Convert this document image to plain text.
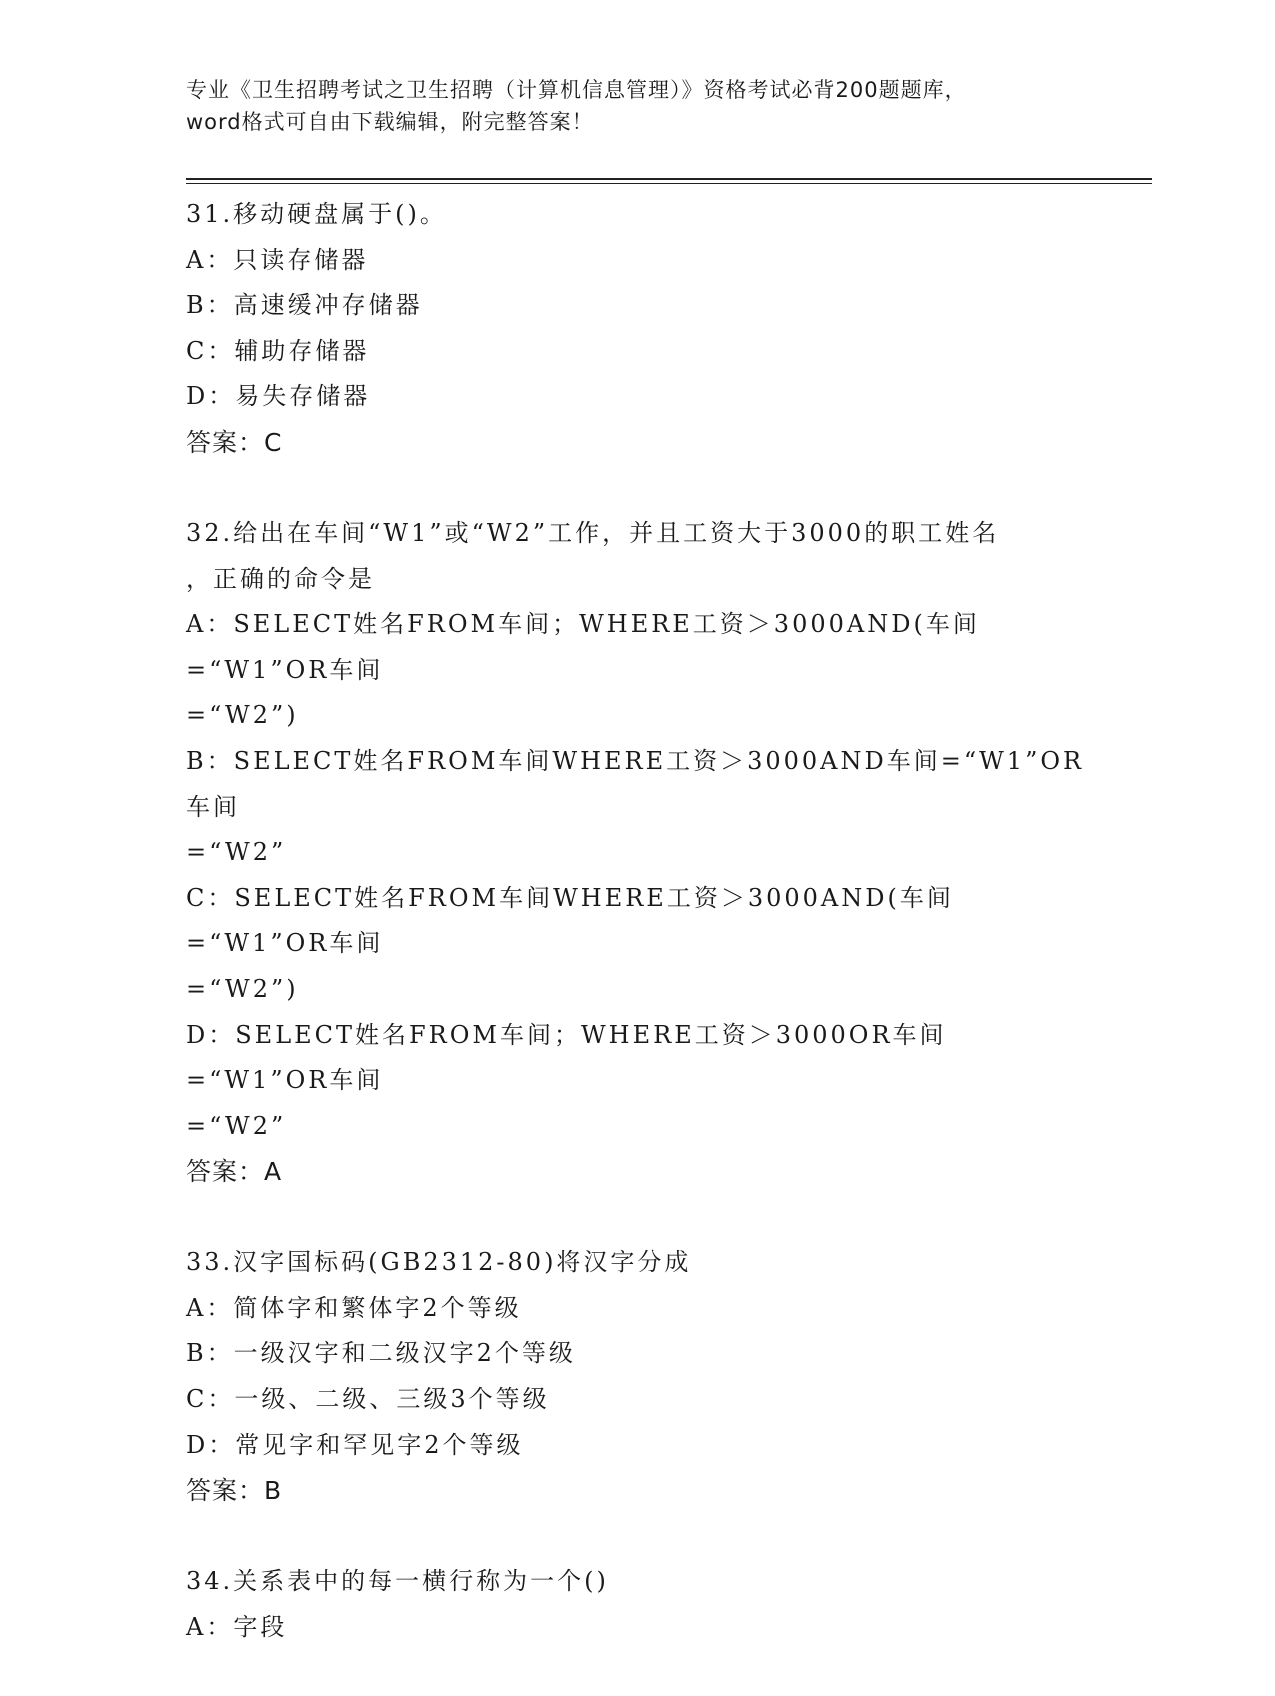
专业《卫生招聘考试之卫生招聘（计算机信息管理）》资格考试必背200题题库，
word格式可自由下载编辑，附完整答案！
31.移动硬盘属于()。
A：只读存储器
B：高速缓冲存储器
C：辅助存储器
D：易失存储器
答案：C
32.给出在车间“W1”或“W2”工作，并且工资大于3000的职工姓名
，正确的命令是
A：SELECT姓名FROM车间；WHERE工资＞3000AND(车间=“W1”OR车间
=“W2”)
B：SELECT姓名FROM车间WHERE工资＞3000AND车间=“W1”OR车间
=“W2”
C：SELECT姓名FROM车间WHERE工资＞3000AND(车间=“W1”OR车间
=“W2”)
D：SELECT姓名FROM车间；WHERE工资＞3000OR车间=“W1”OR车间
=“W2”
答案：A
33.汉字国标码(GB2312-80)将汉字分成
A：简体字和繁体字2个等级
B：一级汉字和二级汉字2个等级
C：一级、二级、三级3个等级
D：常见字和罕见字2个等级
答案：B
34.关系表中的每一横行称为一个()
A：字段
